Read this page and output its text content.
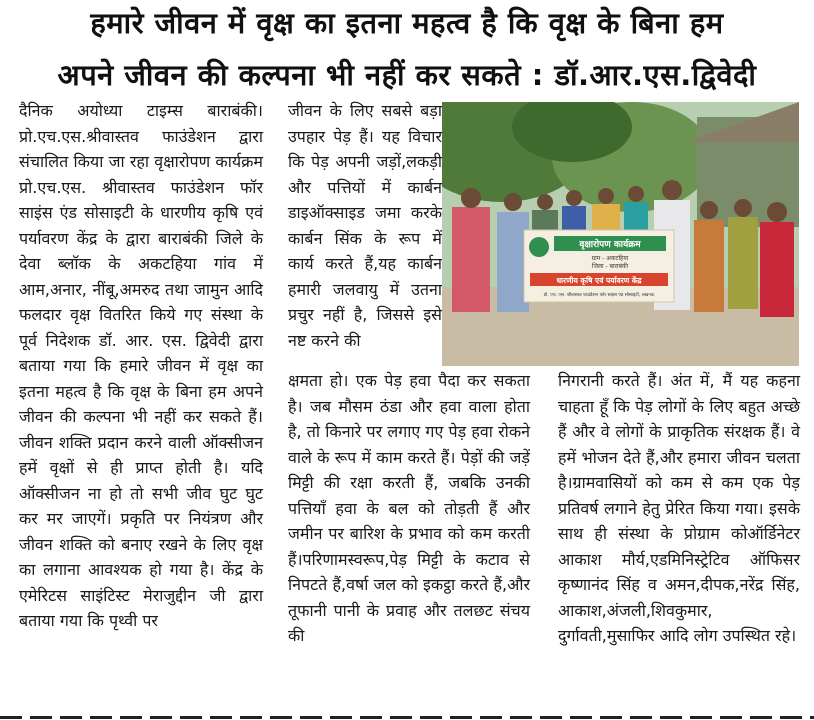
हमारे जीवन में वृक्ष का इतना महत्व है कि वृक्ष के बिना हम
अपने जीवन की कल्पना भी नहीं कर सकते : डॉ.आर.एस.द्विवेदी

दैनिक अयोध्या टाइम्स बाराबंकी। प्रो.एच.एस.श्रीवास्तव फाउंडेशन द्वारा संचालित किया जा रहा वृक्षारोपण कार्यक्रम प्रो.एच.एस. श्रीवास्तव फाउंडेशन फॉर साइंस एंड सोसाइटी के धारणीय कृषि एवं पर्यावरण केंद्र के द्वारा बाराबंकी जिले के देवा ब्लॉक के अकटहिया गांव में आम,अनार, नींबू,अमरुद तथा जामुन आदि फलदार वृक्ष वितरित किये गए संस्था के पूर्व निदेशक डॉ. आर. एस. द्विवेदी द्वारा बताया गया कि हमारे जीवन में वृक्ष का इतना महत्व है कि वृक्ष के बिना हम अपने जीवन की कल्पना भी नहीं कर सकते हैं। जीवन शक्ति प्रदान करने वाली ऑक्सीजन हमें वृक्षों से ही प्राप्त होती है। यदि ऑक्सीजन ना हो तो सभी जीव घुट घुट कर मर जाएगें। प्रकृति पर नियंत्रण और जीवन शक्ति को बनाए रखने के लिए वृक्ष का लगाना आवश्यक हो गया है। केंद्र के एमेरिटस साइंटिस्ट मेराजुद्दीन जी द्वारा बताया गया कि पृथ्वी पर

जीवन के लिए सबसे बड़ा उपहार पेड़ हैं। यह विचार कि पेड़ अपनी जड़ों,लकड़ी और पत्तियों में कार्बन डाइऑक्साइड जमा करके कार्बन सिंक के रूप में कार्य करते हैं,यह कार्बन हमारी जलवायु में उतना प्रचुर नहीं है, जिससे इसे नष्ट करने की

क्षमता हो। एक पेड़ हवा पैदा कर सकता है। जब मौसम ठंडा और हवा वाला होता है, तो किनारे पर लगाए गए पेड़ हवा रोकने वाले के रूप में काम करते हैं। पेड़ों की जड़ें मिट्टी की रक्षा करती हैं, जबकि उनकी पत्तियाँ हवा के बल को तोड़ती हैं और जमीन पर बारिश के प्रभाव को कम करती हैं।परिणामस्वरूप,पेड़ मिट्टी के कटाव से निपटते हैं,वर्षा जल को इकट्ठा करते हैं,और तूफानी पानी के प्रवाह और तलछट संचय की

निगरानी करते हैं। अंत में, मैं यह कहना चाहता हूँ कि पेड़ लोगों के लिए बहुत अच्छे हैं और वे लोगों के प्राकृतिक संरक्षक हैं। वे हमें भोजन देते हैं,और हमारा जीवन चलता है।ग्रामवासियों को कम से कम एक पेड़ प्रतिवर्ष लगाने हेतु प्रेरित किया गया। इसके साथ ही संस्था के प्रोग्राम कोऑर्डिनेटर आकाश मौर्य,एडमिनिस्ट्रेटिव ऑफिसर कृष्णानंद सिंह व अमन,दीपक,नरेंद्र सिंह, आकाश,अंजली,शिवकुमार, दुर्गावती,मुसाफिर आदि लोग उपस्थित रहे।

वृक्षारोपण कार्यक्रम
ग्राम - अकटहिया
जिला - बाराबंकी
धारणीय कृषि एवं पर्यावरण केंद्र
प्रो. एच. एस. श्रीवास्तव फाउंडेशन फॉर साइंस एंड सोसाइटी, लखनऊ
